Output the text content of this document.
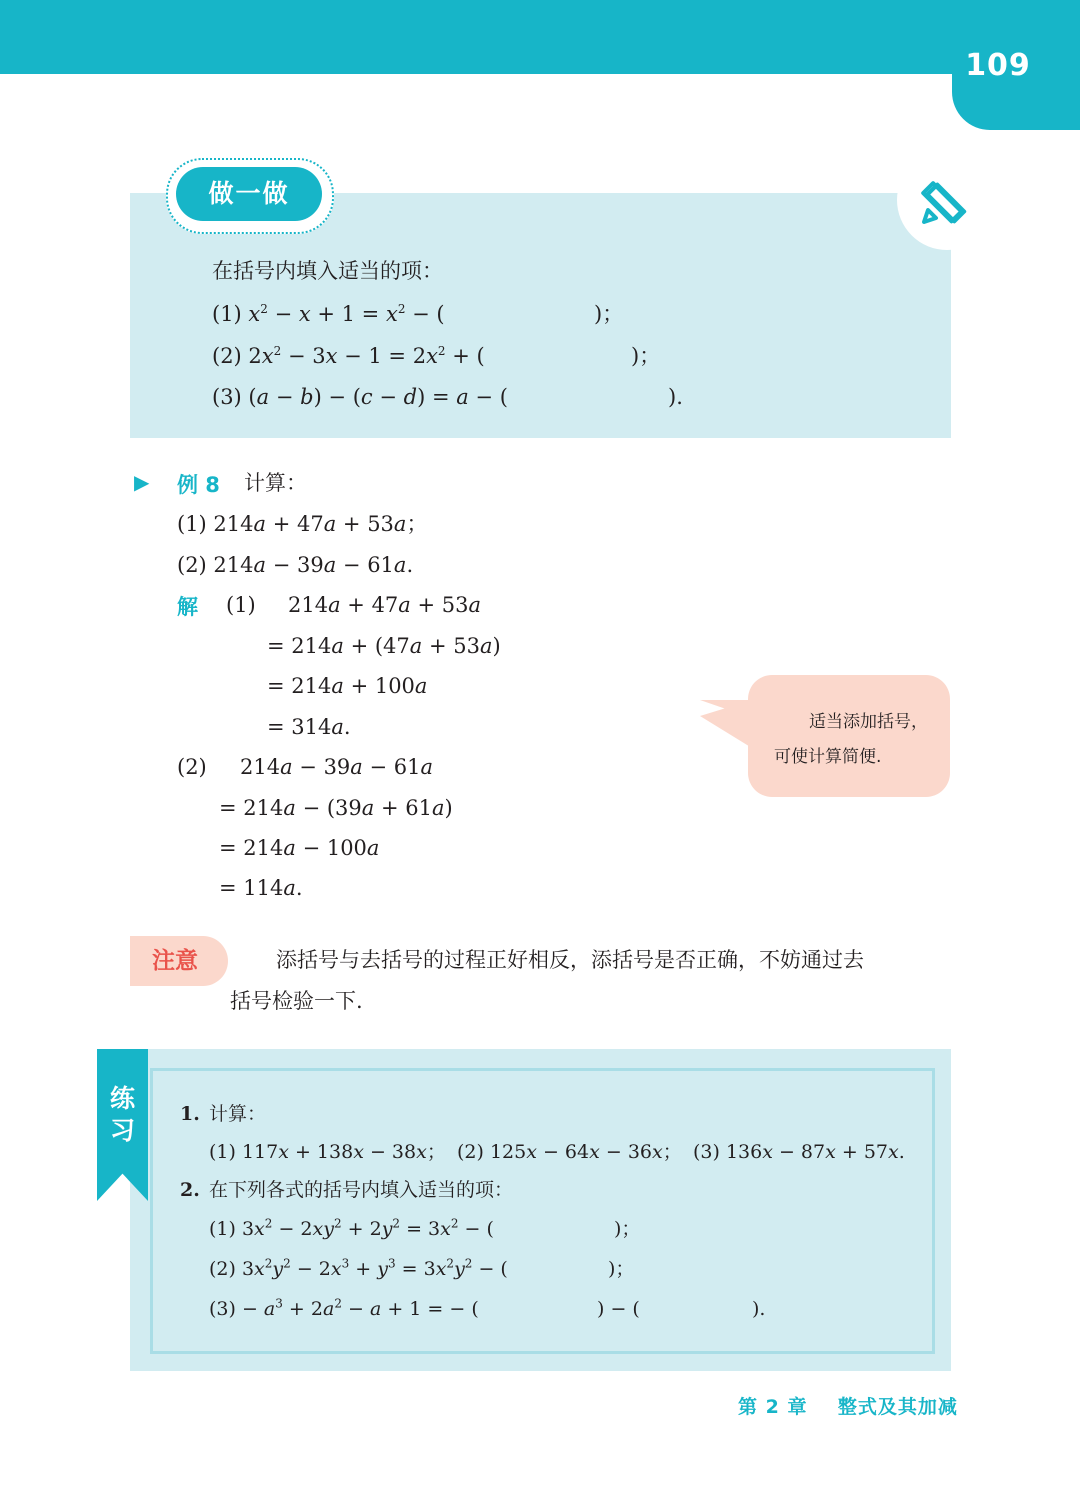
109
做一做
在括号内填入适当的项：
(1) $x^2 - x + 1 = x^2$ − (	)；
(2) $2x^2 - 3x - 1 = 2x^2$ + (	)；
(3) (a − b) − (c − d) = a − (	).
▶ 例 8 计算：
(1) 214a + 47a + 53a；
(2) 214a − 39a − 61a.
解 (1) 214a + 47a + 53a
= 214a + (47a + 53a)
= 214a + 100a
= 314a.
(2) 214a − 39a − 61a
= 214a − (39a + 61a)
= 214a − 100a
= 114a.
适当添加括号，
可使计算简便.
注意	添括号与去括号的过程正好相反，添括号是否正确，不妨通过去
括号检验一下.
练习
1. 计算：
(1) 117x + 138x − 38x； (2) 125x − 64x − 36x； (3) 136x − 87x + 57x.
2. 在下列各式的括号内填入适当的项：
(1) $3x^2 - 2xy^2 + 2y^2 = 3x^2$ − (	)；
(2) $3x^2y^2 - 2x^3 + y^3 = 3x^2y^2$ − (	)；
$(3) - a^3 + 2a^2 - a + 1$ = − (	) − (	).
第 2 章 整式及其加减
